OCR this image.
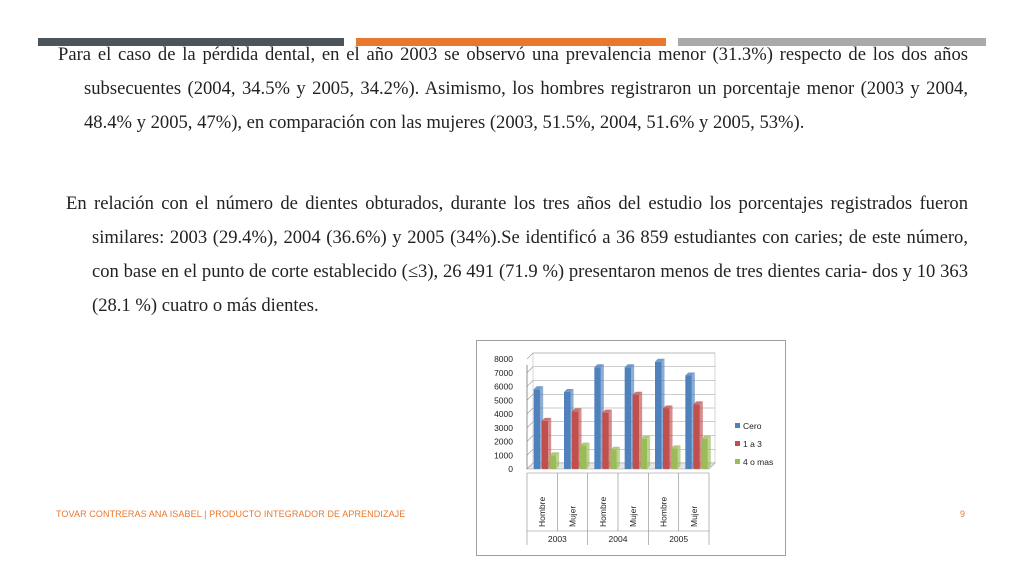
Para el caso de la pérdida dental, en el año 2003 se observó una prevalencia menor (31.3%) respecto de los dos años subsecuentes (2004, 34.5% y 2005, 34.2%). Asimismo, los hombres registraron un porcentaje menor (2003 y 2004, 48.4% y 2005, 47%), en comparación con las mujeres (2003, 51.5%, 2004, 51.6% y 2005, 53%).
En relación con el número de dientes obturados, durante los tres años del estudio los porcentajes registrados fueron similares: 2003 (29.4%), 2004 (36.6%) y 2005 (34%).Se identificó a 36 859 estudiantes con caries; de este número, con base en el punto de corte establecido (≤3), 26 491 (71.9 %) presentaron menos de tres dientes caria- dos y 10 363 (28.1 %) cuatro o más dientes.
0
1000
2000
3000
4000
5000
6000
7000
8000
Hombre Mujer Hombre Mujer Hombre Mujer
2003	2004	2005
Cero
1 a 3
4 o mas
TOVAR CONTRERAS ANA ISABEL | PRODUCTO INTEGRADOR DE APRENDIZAJE	9
